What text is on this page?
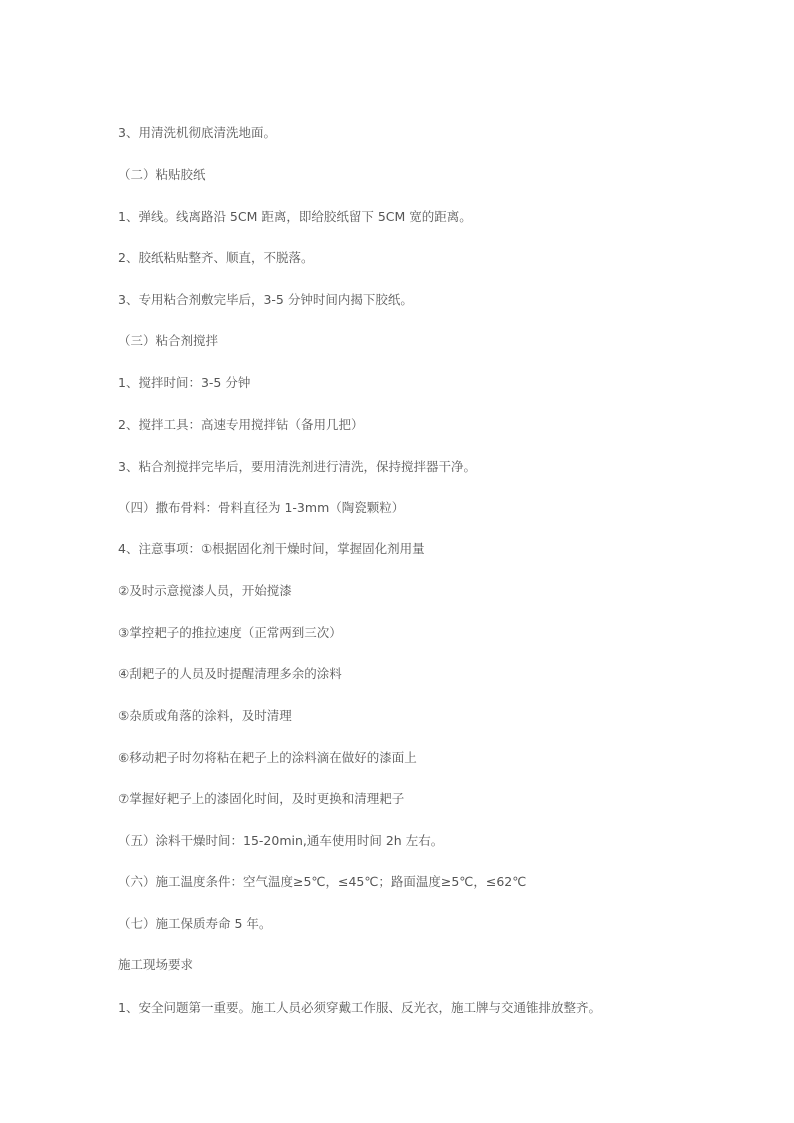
3、用清洗机彻底清洗地面。

（二）粘贴胶纸

1、弹线。线离路沿 5CM 距离，即给胶纸留下 5CM 宽的距离。

2、胶纸粘贴整齐、顺直，不脱落。

3、专用粘合剂敷完毕后，3-5 分钟时间内揭下胶纸。

（三）粘合剂搅拌

1、搅拌时间：3-5 分钟

2、搅拌工具：高速专用搅拌钻（备用几把）

3、粘合剂搅拌完毕后，要用清洗剂进行清洗，保持搅拌器干净。

（四）撒布骨料：骨料直径为 1-3mm（陶瓷颗粒）

4、注意事项：①根据固化剂干燥时间，掌握固化剂用量

②及时示意搅漆人员，开始搅漆

③掌控耙子的推拉速度（正常两到三次）

④刮耙子的人员及时提醒清理多余的涂料

⑤杂质或角落的涂料，及时清理

⑥移动耙子时勿将粘在耙子上的涂料滴在做好的漆面上

⑦掌握好耙子上的漆固化时间，及时更换和清理耙子

（五）涂料干燥时间：15-20min,通车使用时间 2h 左右。

（六）施工温度条件：空气温度≥5℃，≤45℃；路面温度≥5℃，≤62℃

（七）施工保质寿命 5 年。

施工现场要求

1、安全问题第一重要。施工人员必须穿戴工作服、反光衣，施工牌与交通锥排放整齐。
